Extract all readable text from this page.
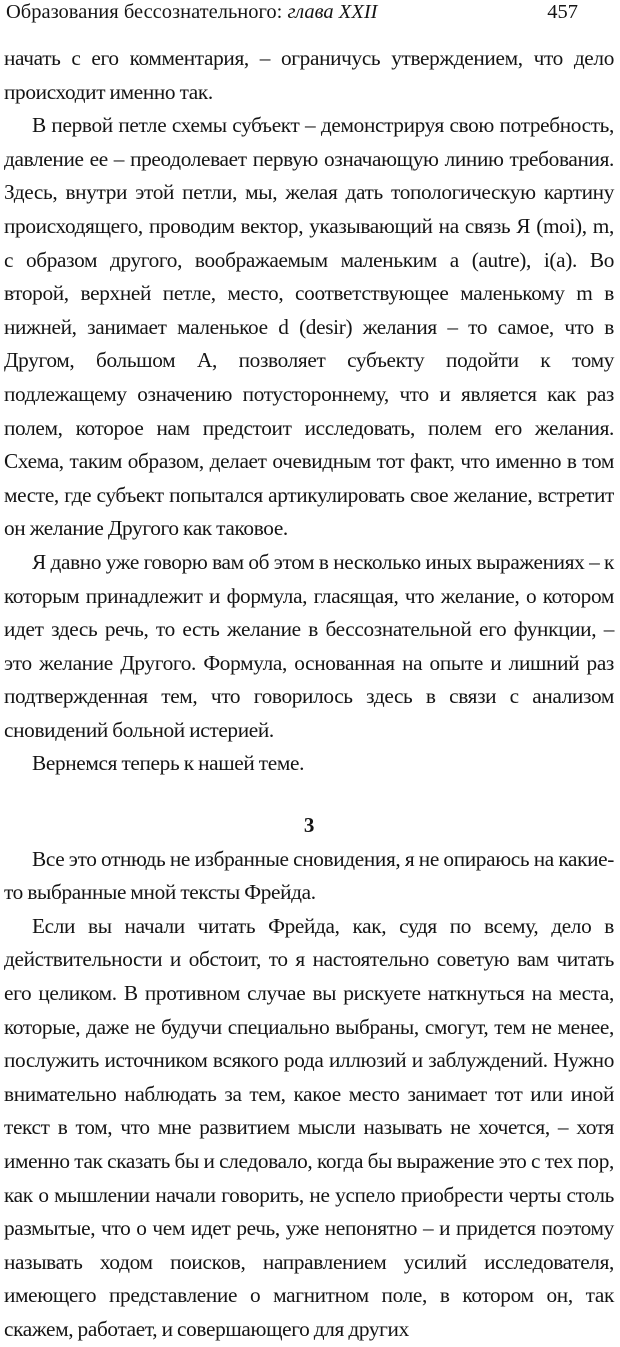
Образования бессознательного: глава XXII	457

начать с его комментария, – ограничусь утверждением, что дело происходит именно так.

В первой петле схемы субъект – демонстрируя свою потребность, давление ее – преодолевает первую означающую линию требования. Здесь, внутри этой петли, мы, желая дать топологическую картину происходящего, проводим вектор, указывающий на связь Я (moi), m, с образом другого, воображаемым маленьким a (autre), i(a). Во второй, верхней петле, место, соответствующее маленькому m в нижней, занимает маленькое d (desir) желания – то самое, что в Другом, большом А, позволяет субъекту подойти к тому подлежащему означению потустороннему, что и является как раз полем, которое нам предстоит исследовать, полем его желания. Схема, таким образом, делает очевидным тот факт, что именно в том месте, где субъект попытался артикулировать свое желание, встретит он желание Другого как таковое.

Я давно уже говорю вам об этом в несколько иных выражениях – к которым принадлежит и формула, гласящая, что желание, о котором идет здесь речь, то есть желание в бессознательной его функции, – это желание Другого. Формула, основанная на опыте и лишний раз подтвержденная тем, что говорилось здесь в связи с анализом сновидений больной истерией.

Вернемся теперь к нашей теме.

3

Все это отнюдь не избранные сновидения, я не опираюсь на какие-то выбранные мной тексты Фрейда.

Если вы начали читать Фрейда, как, судя по всему, дело в действительности и обстоит, то я настоятельно советую вам читать его целиком. В противном случае вы рискуете наткнуться на места, которые, даже не будучи специально выбраны, смогут, тем не менее, послужить источником всякого рода иллюзий и заблуждений. Нужно внимательно наблюдать за тем, какое место занимает тот или иной текст в том, что мне развитием мысли называть не хочется, – хотя именно так сказать бы и следовало, когда бы выражение это с тех пор, как о мышлении начали говорить, не успело приобрести черты столь размытые, что о чем идет речь, уже непонятно – и придется поэтому называть ходом поисков, направлением усилий исследователя, имеющего представление о магнитном поле, в котором он, так скажем, работает, и совершающего для других
